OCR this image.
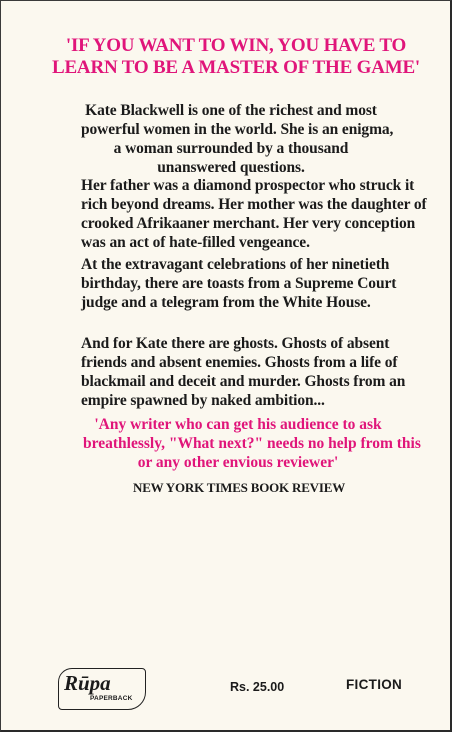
'IF YOU WANT TO WIN, YOU HAVE TO
LEARN TO BE A MASTER OF THE GAME'
Kate Blackwell is one of the richest and most
powerful women in the world. She is an enigma,
a woman surrounded by a thousand
unanswered questions.
Her father was a diamond prospector who struck it
rich beyond dreams. Her mother was the daughter of
crooked Afrikaaner merchant. Her very conception
was an act of hate-filled vengeance.
At the extravagant celebrations of her ninetieth
birthday, there are toasts from a Supreme Court
judge and a telegram from the White House.
And for Kate there are ghosts. Ghosts of absent
friends and absent enemies. Ghosts from a life of
blackmail and deceit and murder. Ghosts from an
empire spawned by naked ambition...
'Any writer who can get his audience to ask
breathlessly, "What next?" needs no help from this
or any other envious reviewer'
NEW YORK TIMES BOOK REVIEW
Rūpa
PAPERBACK
Rs. 25.00	FICTION
